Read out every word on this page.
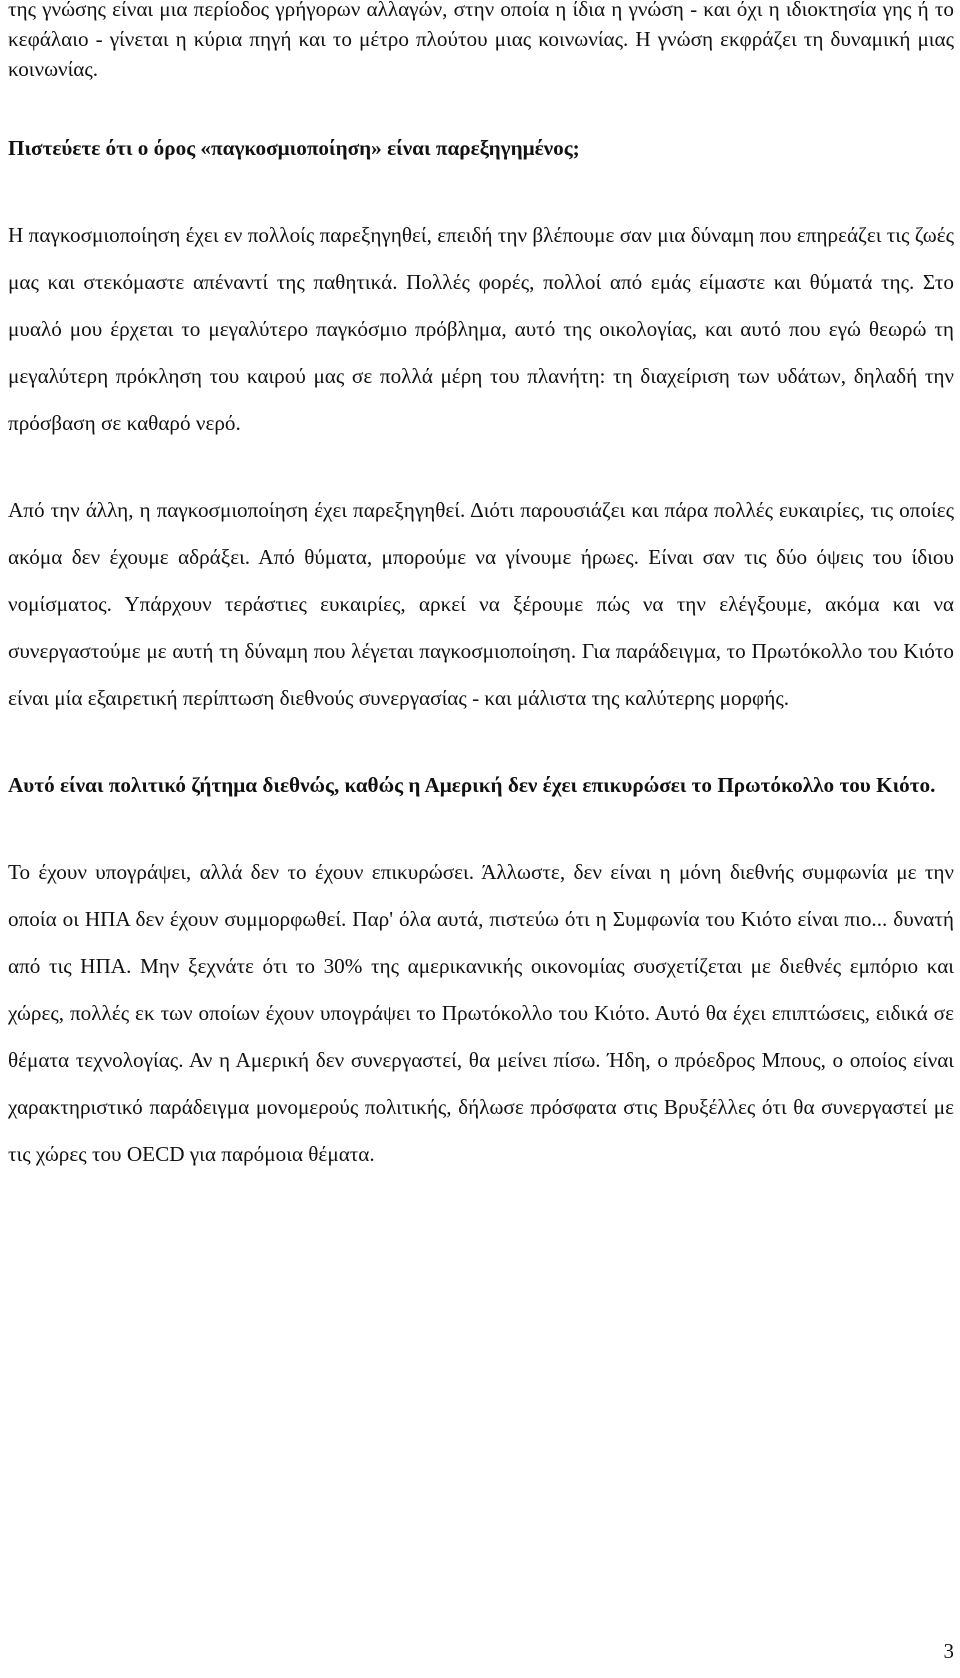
της γνώσης είναι μια περίοδος γρήγορων αλλαγών, στην οποία η ίδια η γνώση - και όχι η ιδιοκτησία γης ή το κεφάλαιο - γίνεται η κύρια πηγή και το μέτρο πλούτου μιας κοινωνίας. Η γνώση εκφράζει τη δυναμική μιας κοινωνίας.

Πιστεύετε ότι ο όρος «παγκοσμιοποίηση» είναι παρεξηγημένος;

Η παγκοσμιοποίηση έχει εν πολλοίς παρεξηγηθεί, επειδή την βλέπουμε σαν μια δύναμη που επηρεάζει τις ζωές μας και στεκόμαστε απέναντί της παθητικά. Πολλές φορές, πολλοί από εμάς είμαστε και θύματά της. Στο μυαλό μου έρχεται το μεγαλύτερο παγκόσμιο πρόβλημα, αυτό της οικολογίας, και αυτό που εγώ θεωρώ τη μεγαλύτερη πρόκληση του καιρού μας σε πολλά μέρη του πλανήτη: τη διαχείριση των υδάτων, δηλαδή την πρόσβαση σε καθαρό νερό.

Από την άλλη, η παγκοσμιοποίηση έχει παρεξηγηθεί. Διότι παρουσιάζει και πάρα πολλές ευκαιρίες, τις οποίες ακόμα δεν έχουμε αδράξει. Από θύματα, μπορούμε να γίνουμε ήρωες. Είναι σαν τις δύο όψεις του ίδιου νομίσματος. Υπάρχουν τεράστιες ευκαιρίες, αρκεί να ξέρουμε πώς να την ελέγξουμε, ακόμα και να συνεργαστούμε με αυτή τη δύναμη που λέγεται παγκοσμιοποίηση. Για παράδειγμα, το Πρωτόκολλο του Κιότο είναι μία εξαιρετική περίπτωση διεθνούς συνεργασίας - και μάλιστα της καλύτερης μορφής.

Αυτό είναι πολιτικό ζήτημα διεθνώς, καθώς η Αμερική δεν έχει επικυρώσει το Πρωτόκολλο του Κιότο.

Το έχουν υπογράψει, αλλά δεν το έχουν επικυρώσει. Άλλωστε, δεν είναι η μόνη διεθνής συμφωνία με την οποία οι ΗΠΑ δεν έχουν συμμορφωθεί. Παρ' όλα αυτά, πιστεύω ότι η Συμφωνία του Κιότο είναι πιο... δυνατή από τις ΗΠΑ. Μην ξεχνάτε ότι το 30% της αμερικανικής οικονομίας συσχετίζεται με διεθνές εμπόριο και χώρες, πολλές εκ των οποίων έχουν υπογράψει το Πρωτόκολλο του Κιότο. Αυτό θα έχει επιπτώσεις, ειδικά σε θέματα τεχνολογίας. Αν η Αμερική δεν συνεργαστεί, θα μείνει πίσω. Ήδη, ο πρόεδρος Μπους, ο οποίος είναι χαρακτηριστικό παράδειγμα μονομερούς πολιτικής, δήλωσε πρόσφατα στις Βρυξέλλες ότι θα συνεργαστεί με τις χώρες του OECD για παρόμοια θέματα.

3
